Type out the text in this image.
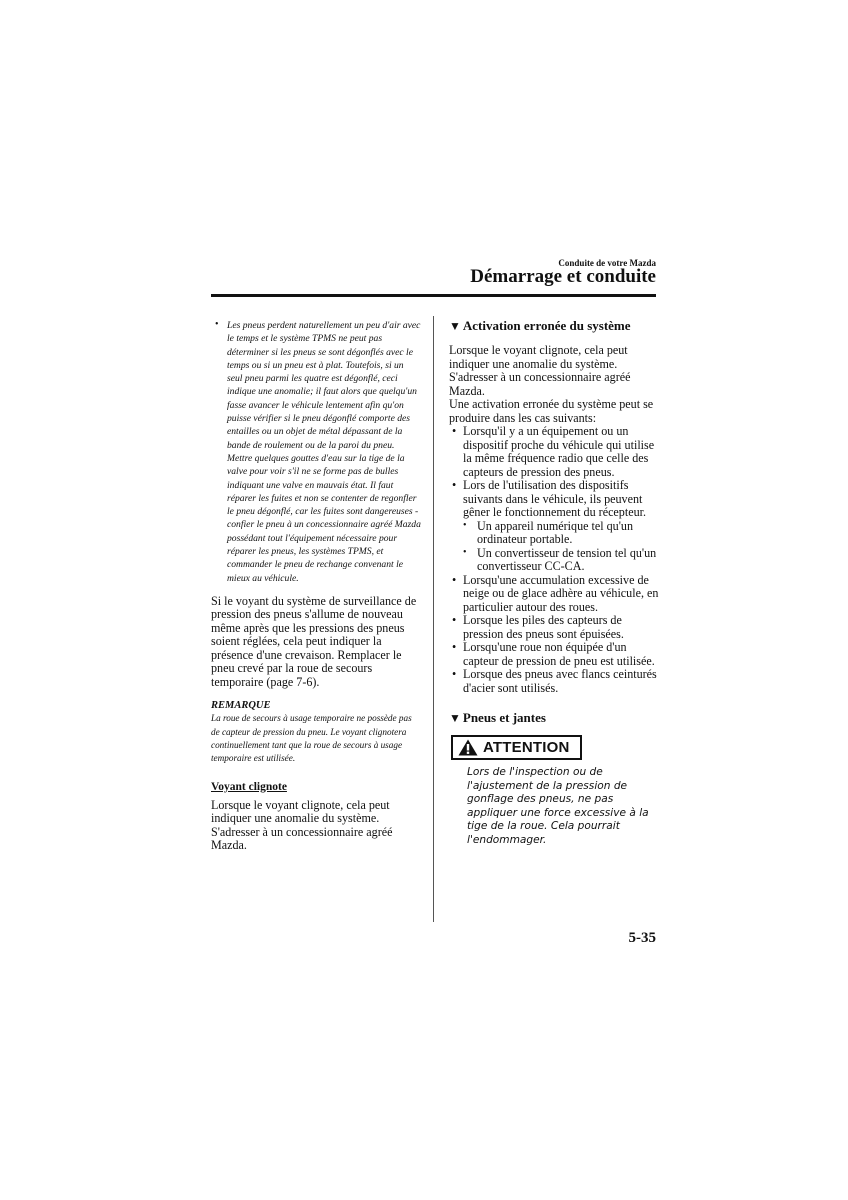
Conduite de votre Mazda
Démarrage et conduite
• Les pneus perdent naturellement un peu d'air avec le temps et le système TPMS ne peut pas déterminer si les pneus se sont dégonflés avec le temps ou si un pneu est à plat. Toutefois, si un seul pneu parmi les quatre est dégonflé, ceci indique une anomalie; il faut alors que quelqu'un fasse avancer le véhicule lentement afin qu'on puisse vérifier si le pneu dégonflé comporte des entailles ou un objet de métal dépassant de la bande de roulement ou de la paroi du pneu. Mettre quelques gouttes d'eau sur la tige de la valve pour voir s'il ne se forme pas de bulles indiquant une valve en mauvais état. Il faut réparer les fuites et non se contenter de regonfler le pneu dégonflé, car les fuites sont dangereuses - confier le pneu à un concessionnaire agréé Mazda possédant tout l'équipement nécessaire pour réparer les pneus, les systèmes TPMS, et commander le pneu de rechange convenant le mieux au véhicule.

Si le voyant du système de surveillance de pression des pneus s'allume de nouveau même après que les pressions des pneus soient réglées, cela peut indiquer la présence d'une crevaison. Remplacer le pneu crevé par la roue de secours temporaire (page 7-6).

REMARQUE
La roue de secours à usage temporaire ne possède pas de capteur de pression du pneu. Le voyant clignotera continuellement tant que la roue de secours à usage temporaire est utilisée.
Voyant clignote

Lorsque le voyant clignote, cela peut indiquer une anomalie du système. S'adresser à un concessionnaire agréé Mazda.

▼ Activation erronée du système

Lorsque le voyant clignote, cela peut indiquer une anomalie du système. S'adresser à un concessionnaire agréé Mazda.

Une activation erronée du système peut se produire dans les cas suivants:

• Lorsqu'il y a un équipement ou un dispositif proche du véhicule qui utilise la même fréquence radio que celle des capteurs de pression des pneus.
• Lors de l'utilisation des dispositifs suivants dans le véhicule, ils peuvent gêner le fonctionnement du récepteur.
• Un appareil numérique tel qu'un ordinateur portable.
• Un convertisseur de tension tel qu'un convertisseur CC-CA.
• Lorsqu'une accumulation excessive de neige ou de glace adhère au véhicule, en particulier autour des roues.
• Lorsque les piles des capteurs de pression des pneus sont épuisées.
• Lorsqu'une roue non équipée d'un capteur de pression de pneu est utilisée.
• Lorsque des pneus avec flancs ceinturés d'acier sont utilisés.
▼ Pneus et jantes
ATTENTION
Lors de l'inspection ou de l'ajustement de la pression de gonflage des pneus, ne pas appliquer une force excessive à la tige de la roue. Cela pourrait l'endommager.
5-35
